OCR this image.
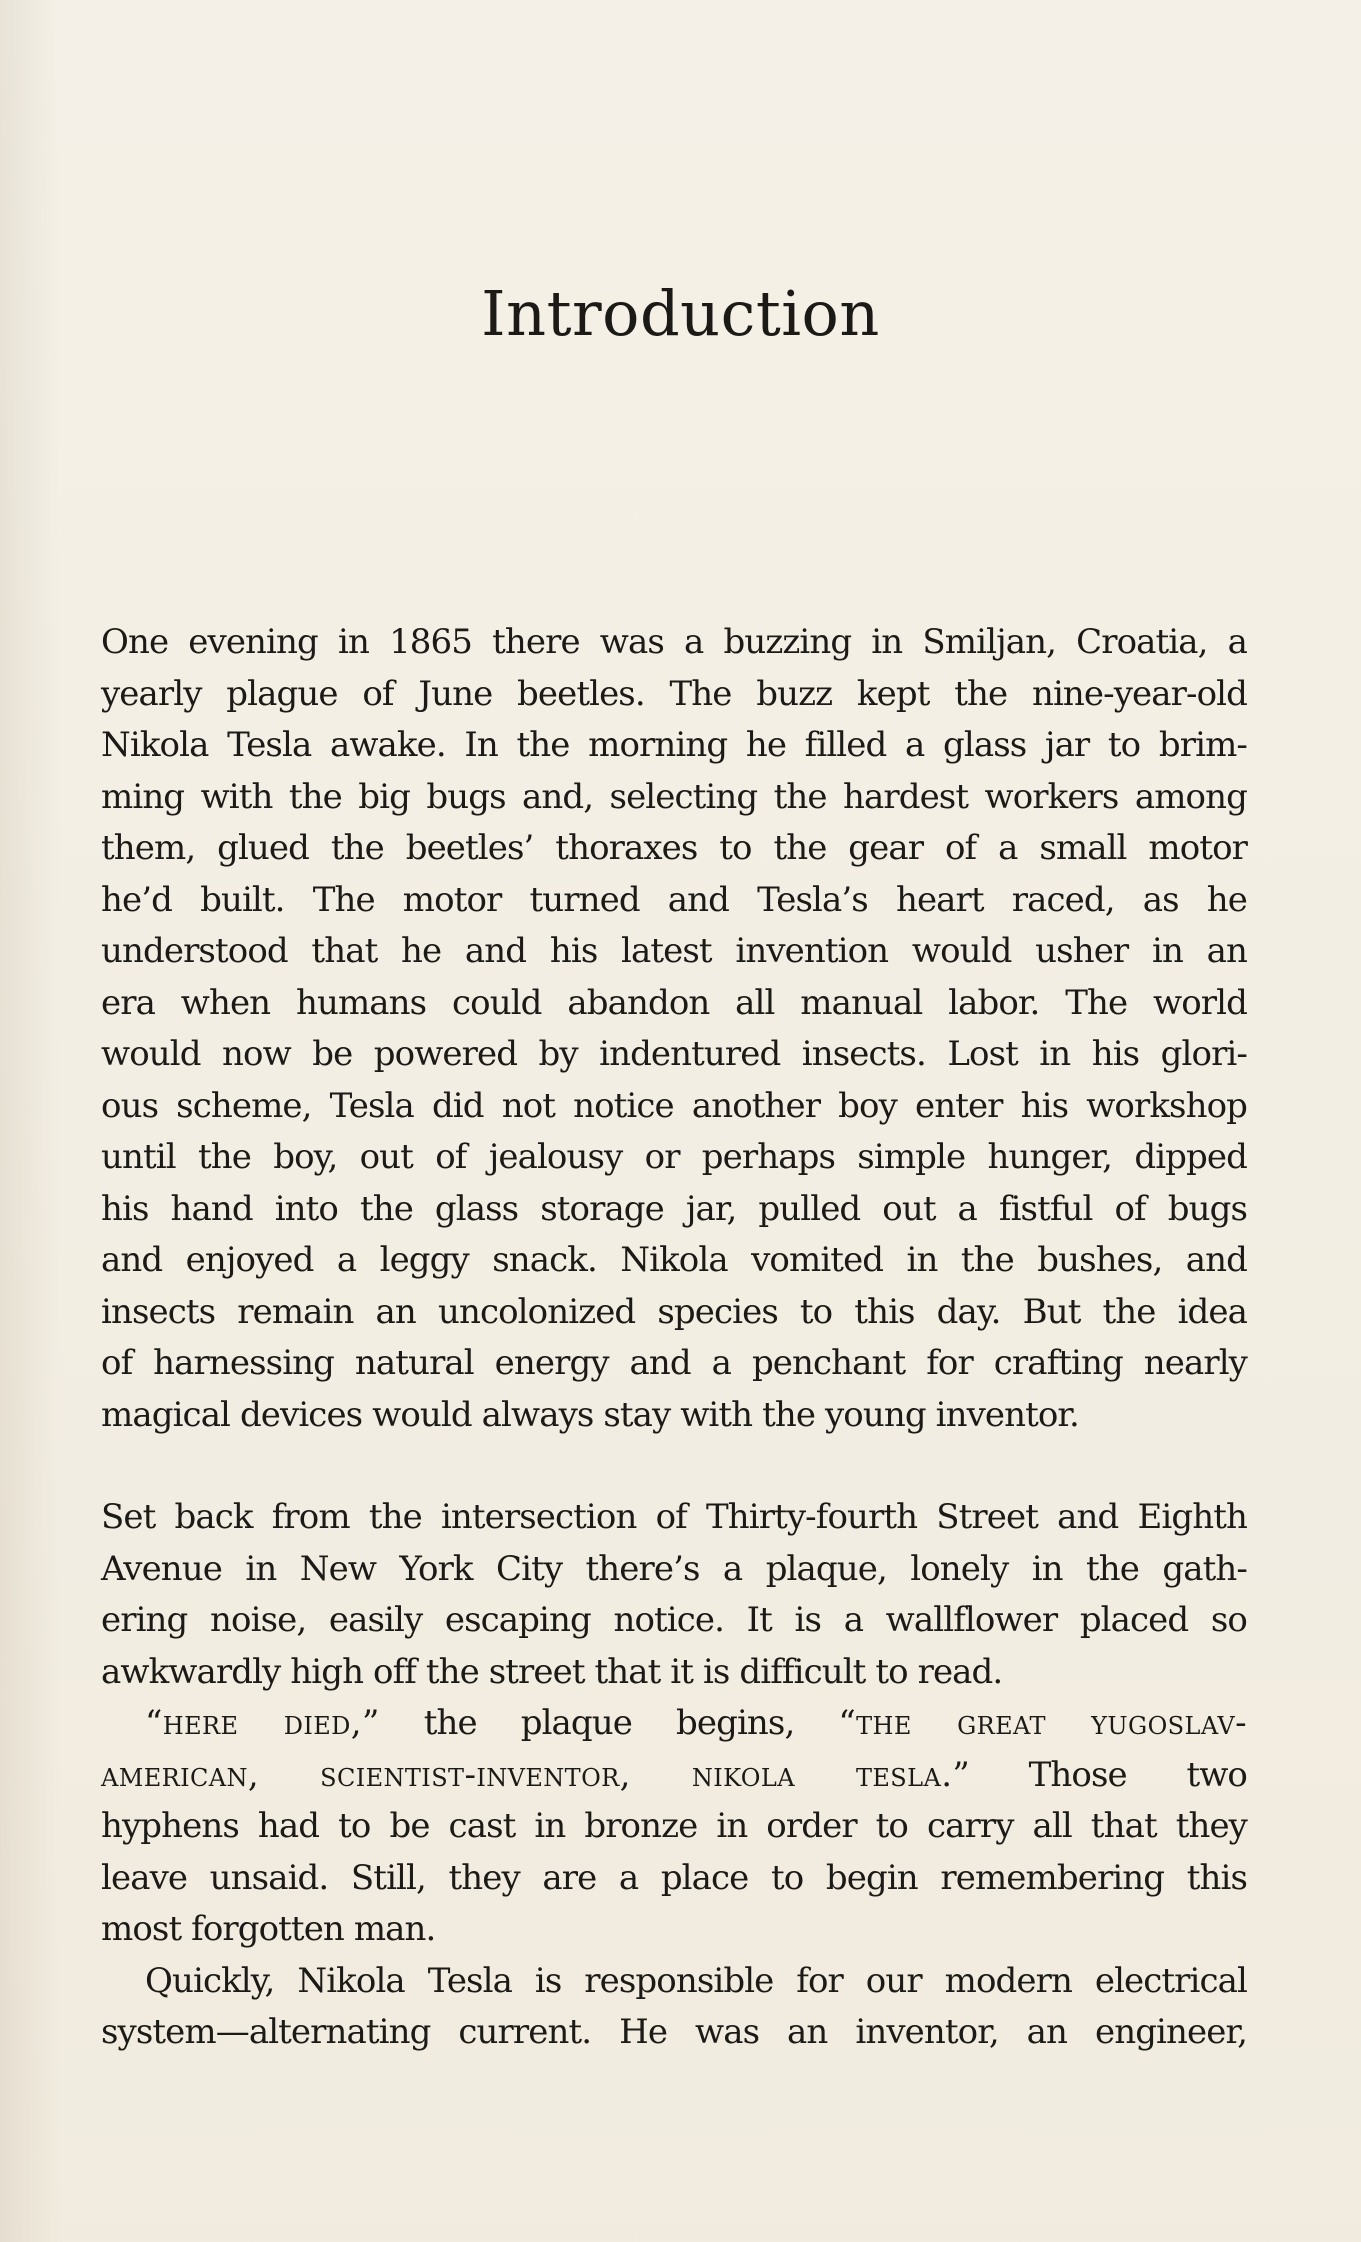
Introduction
One evening in 1865 there was a buzzing in Smiljan, Croatia, a
yearly plague of June beetles. The buzz kept the nine-year-old
Nikola Tesla awake. In the morning he filled a glass jar to brim-
ming with the big bugs and, selecting the hardest workers among
them, glued the beetles’ thoraxes to the gear of a small motor
he’d built. The motor turned and Tesla’s heart raced, as he
understood that he and his latest invention would usher in an
era when humans could abandon all manual labor. The world
would now be powered by indentured insects. Lost in his glori-
ous scheme, Tesla did not notice another boy enter his workshop
until the boy, out of jealousy or perhaps simple hunger, dipped
his hand into the glass storage jar, pulled out a fistful of bugs
and enjoyed a leggy snack. Nikola vomited in the bushes, and
insects remain an uncolonized species to this day. But the idea
of harnessing natural energy and a penchant for crafting nearly
magical devices would always stay with the young inventor.
Set back from the intersection of Thirty-fourth Street and Eighth
Avenue in New York City there’s a plaque, lonely in the gath-
ering noise, easily escaping notice. It is a wallflower placed so
awkwardly high off the street that it is difficult to read.
“here died,” the plaque begins, “the great yugoslav-
american, scientist-inventor, nikola tesla.” Those two
hyphens had to be cast in bronze in order to carry all that they
leave unsaid. Still, they are a place to begin remembering this
most forgotten man.
Quickly, Nikola Tesla is responsible for our modern electrical
system—alternating current. He was an inventor, an engineer,
